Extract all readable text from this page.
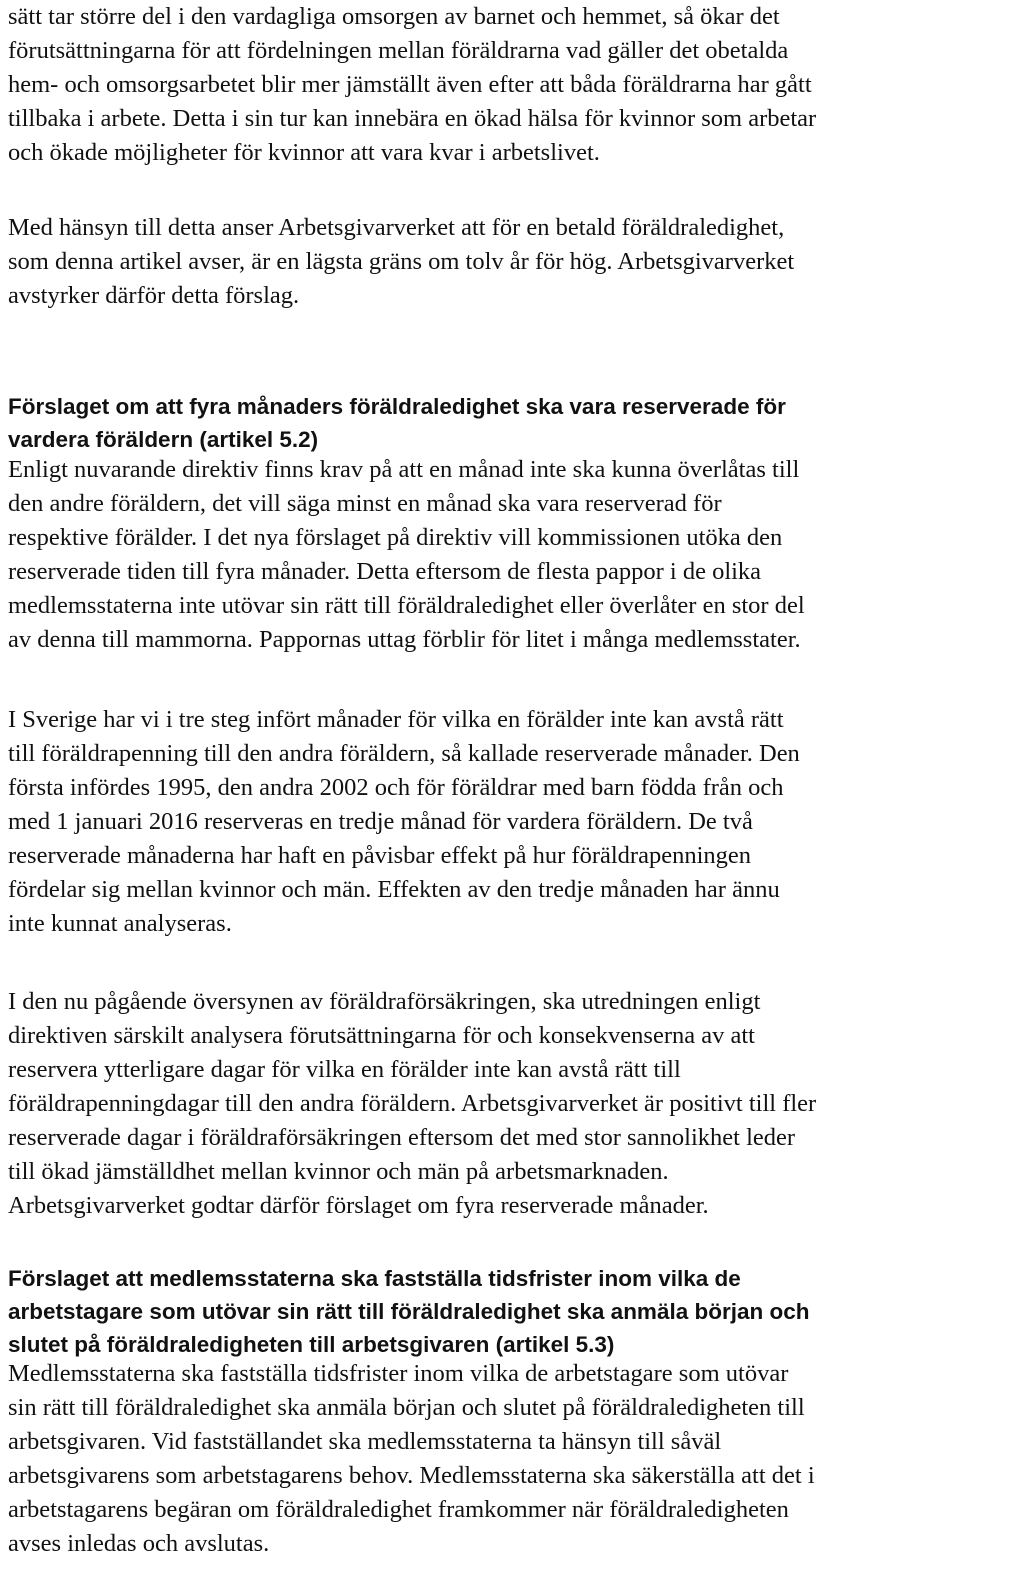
sätt tar större del i den vardagliga omsorgen av barnet och hemmet, så ökar det
förutsättningarna för att fördelningen mellan föräldrarna vad gäller det obetalda
hem- och omsorgsarbetet blir mer jämställt även efter att båda föräldrarna har gått
tillbaka i arbete. Detta i sin tur kan innebära en ökad hälsa för kvinnor som arbetar
och ökade möjligheter för kvinnor att vara kvar i arbetslivet.

Med hänsyn till detta anser Arbetsgivarverket att för en betald föräldraledighet,
som denna artikel avser, är en lägsta gräns om tolv år för hög. Arbetsgivarverket
avstyrker därför detta förslag.

Förslaget om att fyra månaders föräldraledighet ska vara reserverade för
vardera föräldern (artikel 5.2)

Enligt nuvarande direktiv finns krav på att en månad inte ska kunna överlåtas till
den andre föräldern, det vill säga minst en månad ska vara reserverad för
respektive förälder. I det nya förslaget på direktiv vill kommissionen utöka den
reserverade tiden till fyra månader. Detta eftersom de flesta pappor i de olika
medlemsstaterna inte utövar sin rätt till föräldraledighet eller överlåter en stor del
av denna till mammorna. Pappornas uttag förblir för litet i många medlemsstater.

I Sverige har vi i tre steg infört månader för vilka en förälder inte kan avstå rätt
till föräldrapenning till den andra föräldern, så kallade reserverade månader. Den
första infördes 1995, den andra 2002 och för föräldrar med barn födda från och
med 1 januari 2016 reserveras en tredje månad för vardera föräldern. De två
reserverade månaderna har haft en påvisbar effekt på hur föräldrapenningen
fördelar sig mellan kvinnor och män. Effekten av den tredje månaden har ännu
inte kunnat analyseras.

I den nu pågående översynen av föräldraförsäkringen, ska utredningen enligt
direktiven särskilt analysera förutsättningarna för och konsekvenserna av att
reservera ytterligare dagar för vilka en förälder inte kan avstå rätt till
föräldrapenningdagar till den andra föräldern. Arbetsgivarverket är positivt till fler
reserverade dagar i föräldraförsäkringen eftersom det med stor sannolikhet leder
till ökad jämställdhet mellan kvinnor och män på arbetsmarknaden.
Arbetsgivarverket godtar därför förslaget om fyra reserverade månader.

Förslaget att medlemsstaterna ska fastställa tidsfrister inom vilka de
arbetstagare som utövar sin rätt till föräldraledighet ska anmäla början och
slutet på föräldraledigheten till arbetsgivaren (artikel 5.3)

Medlemsstaterna ska fastställa tidsfrister inom vilka de arbetstagare som utövar
sin rätt till föräldraledighet ska anmäla början och slutet på föräldraledigheten till
arbetsgivaren. Vid fastställandet ska medlemsstaterna ta hänsyn till såväl
arbetsgivarens som arbetstagarens behov. Medlemsstaterna ska säkerställa att det i
arbetstagarens begäran om föräldraledighet framkommer när föräldraledigheten
avses inledas och avslutas.
